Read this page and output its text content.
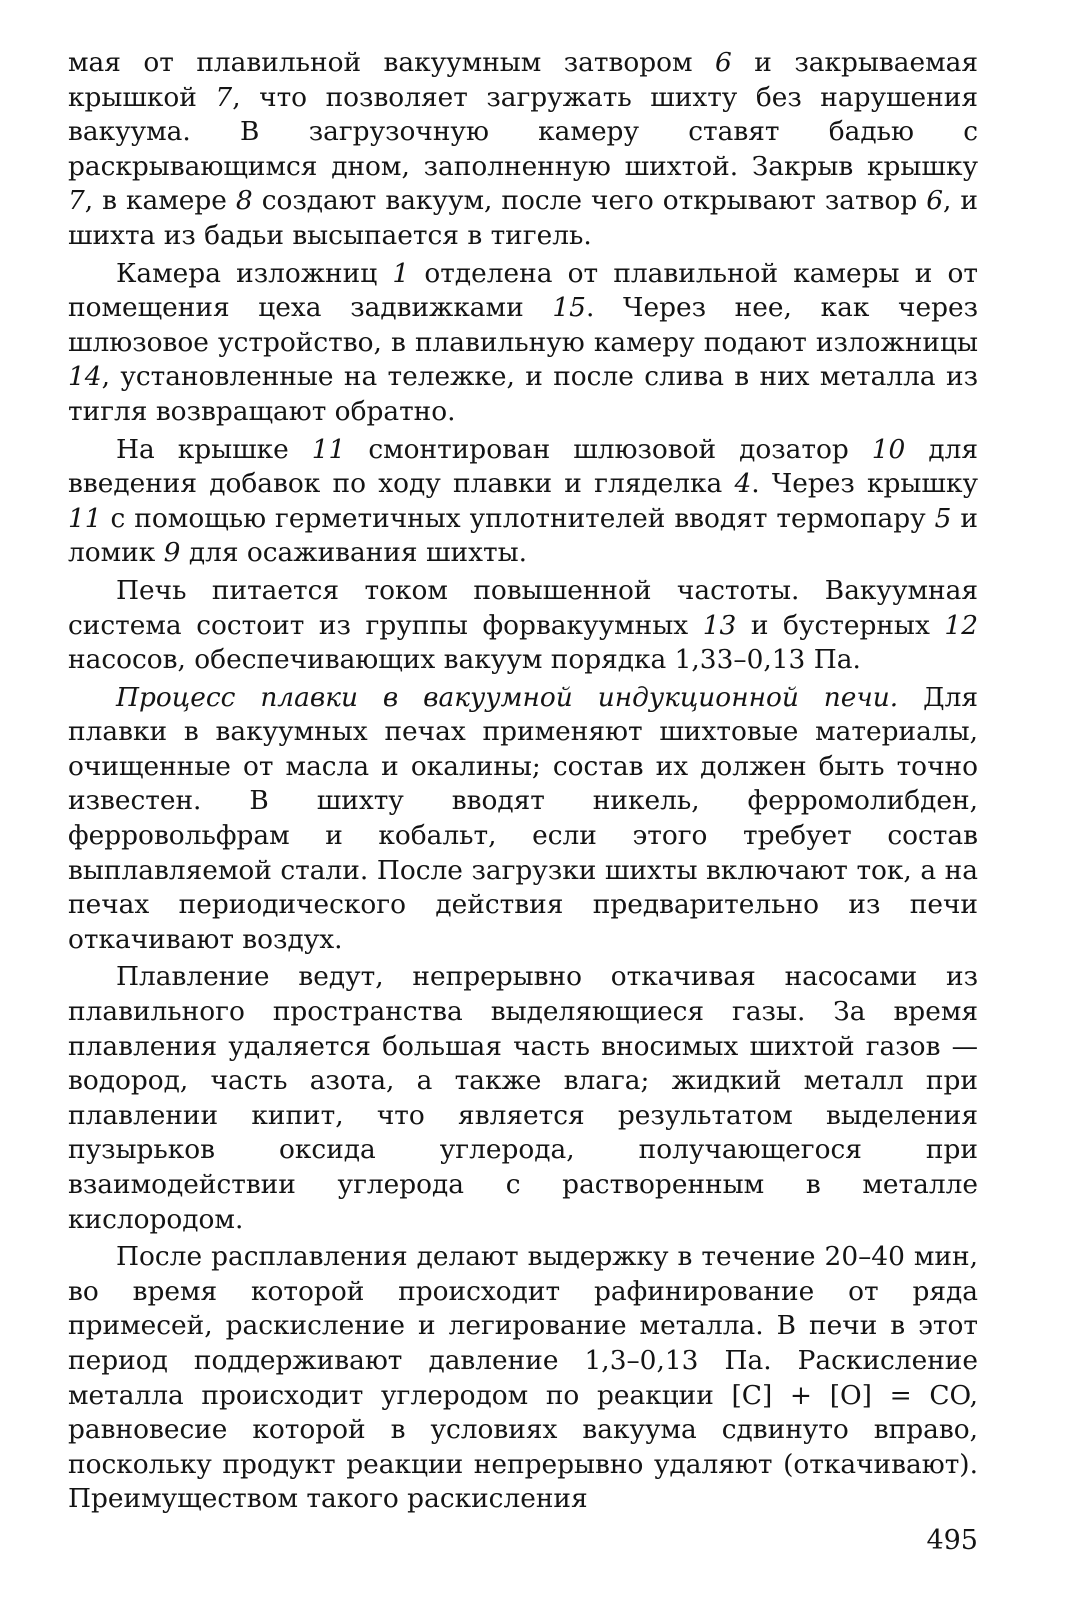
мая от плавильной вакуумным затвором 6 и закрываемая крышкой 7, что позволяет загружать шихту без нарушения вакуума. В загрузочную камеру ставят бадью с раскрывающимся дном, заполненную шихтой. Закрыв крышку 7, в камере 8 создают вакуум, после чего открывают затвор 6, и шихта из бадьи высыпается в тигель.

Камера изложниц 1 отделена от плавильной камеры и от помещения цеха задвижками 15. Через нее, как через шлюзовое устройство, в плавильную камеру подают изложницы 14, установленные на тележке, и после слива в них металла из тигля возвращают обратно.

На крышке 11 смонтирован шлюзовой дозатор 10 для введения добавок по ходу плавки и гляделка 4. Через крышку 11 с помощью герметичных уплотнителей вводят термопару 5 и ломик 9 для осаживания шихты.

Печь питается током повышенной частоты. Вакуумная система состоит из группы форвакуумных 13 и бустерных 12 насосов, обеспечивающих вакуум порядка 1,33–0,13 Па.

Процесс плавки в вакуумной индукционной печи. Для плавки в вакуумных печах применяют шихтовые материалы, очищенные от масла и окалины; состав их должен быть точно известен. В шихту вводят никель, ферромолибден, ферровольфрам и кобальт, если этого требует состав выплавляемой стали. После загрузки шихты включают ток, а на печах периодического действия предварительно из печи откачивают воздух.

Плавление ведут, непрерывно откачивая насосами из плавильного пространства выделяющиеся газы. За время плавления удаляется большая часть вносимых шихтой газов — водород, часть азота, а также влага; жидкий металл при плавлении кипит, что является результатом выделения пузырьков оксида углерода, получающегося при взаимодействии углерода с растворенным в металле кислородом.

После расплавления делают выдержку в течение 20–40 мин, во время которой происходит рафинирование от ряда примесей, раскисление и легирование металла. В печи в этот период поддерживают давление 1,3–0,13 Па. Раскисление металла происходит углеродом по реакции [C] + [O] = CO, равновесие которой в условиях вакуума сдвинуто вправо, поскольку продукт реакции непрерывно удаляют (откачивают). Преимуществом такого раскисления

495
